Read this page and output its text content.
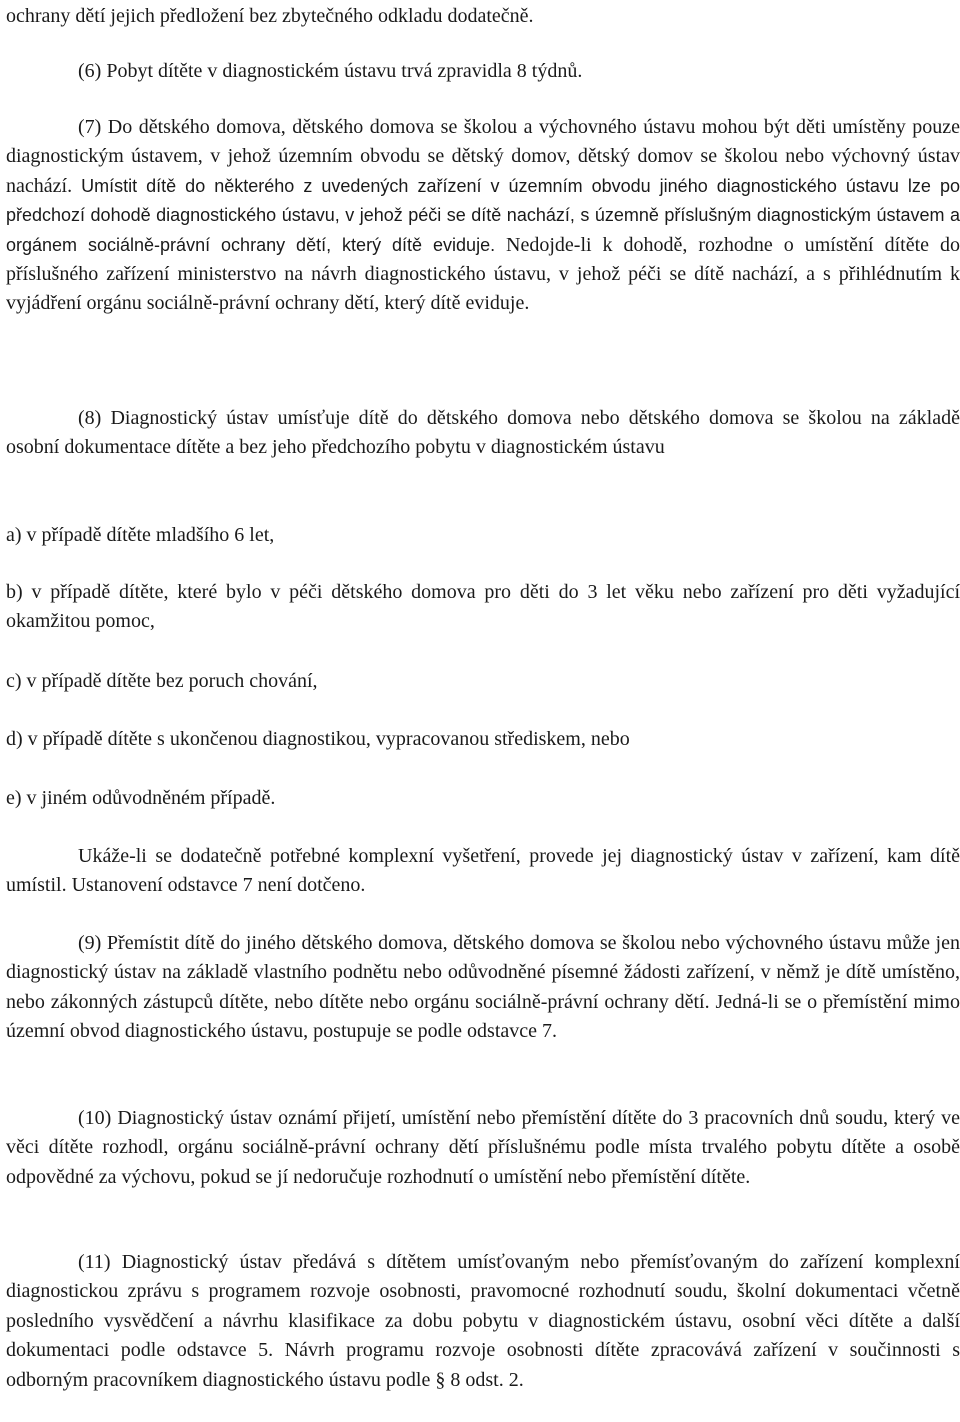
ochrany dětí jejich předložení bez zbytečného odkladu dodatečně.

(6) Pobyt dítěte v diagnostickém ústavu trvá zpravidla 8 týdnů.

(7) Do dětského domova, dětského domova se školou a výchovného ústavu mohou být děti umístěny pouze diagnostickým ústavem, v jehož územním obvodu se dětský domov, dětský domov se školou nebo výchovný ústav nachází. Umístit dítě do některého z uvedených zařízení v územním obvodu jiného diagnostického ústavu lze po předchozí dohodě diagnostického ústavu, v jehož péči se dítě nachází, s územně příslušným diagnostickým ústavem a orgánem sociálně-právní ochrany dětí, který dítě eviduje. Nedojde-li k dohodě, rozhodne o umístění dítěte do příslušného zařízení ministerstvo na návrh diagnostického ústavu, v jehož péči se dítě nachází, a s přihlédnutím k vyjádření orgánu sociálně-právní ochrany dětí, který dítě eviduje.

(8) Diagnostický ústav umísťuje dítě do dětského domova nebo dětského domova se školou na základě osobní dokumentace dítěte a bez jeho předchozího pobytu v diagnostickém ústavu

a) v případě dítěte mladšího 6 let,

b) v případě dítěte, které bylo v péči dětského domova pro děti do 3 let věku nebo zařízení pro děti vyžadující okamžitou pomoc,

c) v případě dítěte bez poruch chování,

d) v případě dítěte s ukončenou diagnostikou, vypracovanou střediskem, nebo

e) v jiném odůvodněném případě.

Ukáže-li se dodatečně potřebné komplexní vyšetření, provede jej diagnostický ústav v zařízení, kam dítě umístil. Ustanovení odstavce 7 není dotčeno.

(9) Přemístit dítě do jiného dětského domova, dětského domova se školou nebo výchovného ústavu může jen diagnostický ústav na základě vlastního podnětu nebo odůvodněné písemné žádosti zařízení, v němž je dítě umístěno, nebo zákonných zástupců dítěte, nebo dítěte nebo orgánu sociálně-právní ochrany dětí. Jedná-li se o přemístění mimo územní obvod diagnostického ústavu, postupuje se podle odstavce 7.

(10) Diagnostický ústav oznámí přijetí, umístění nebo přemístění dítěte do 3 pracovních dnů soudu, který ve věci dítěte rozhodl, orgánu sociálně-právní ochrany dětí příslušnému podle místa trvalého pobytu dítěte a osobě odpovědné za výchovu, pokud se jí nedoručuje rozhodnutí o umístění nebo přemístění dítěte.

(11) Diagnostický ústav předává s dítětem umísťovaným nebo přemísťovaným do zařízení komplexní diagnostickou zprávu s programem rozvoje osobnosti, pravomocné rozhodnutí soudu, školní dokumentaci včetně posledního vysvědčení a návrhu klasifikace za dobu pobytu v diagnostickém ústavu, osobní věci dítěte a další dokumentaci podle odstavce 5. Návrh programu rozvoje osobnosti dítěte zpracovává zařízení v součinnosti s odborným pracovníkem diagnostického ústavu podle § 8 odst. 2.
